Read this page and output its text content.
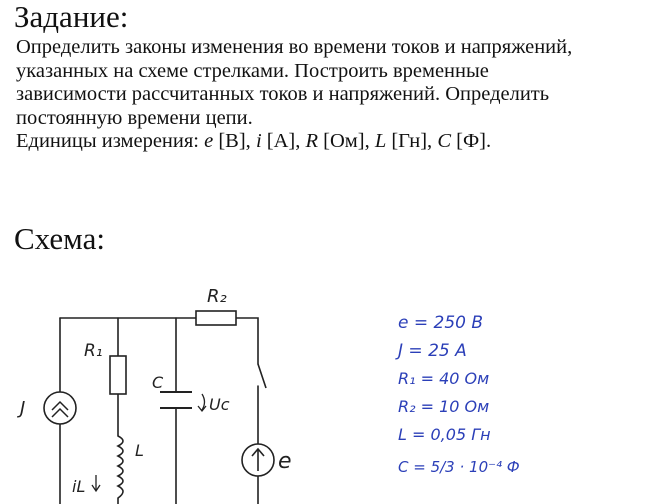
Задание:
Определить законы изменения во времени токов и напряжений,
указанных на схеме стрелками. Построить временные
зависимости рассчитанных токов и напряжений. Определить
постоянную времени цепи.
Единицы измерения: e [В], i [А], R [Ом], L [Гн], C [Ф].
Схема:
R₂
R₁
C
Uc
J
L
iL
e
e = 250 В
J = 25 А
R₁ = 40 Ом
R₂ = 10 Ом
L = 0,05 Гн
C = 5/3 · 10⁻⁴ Ф
